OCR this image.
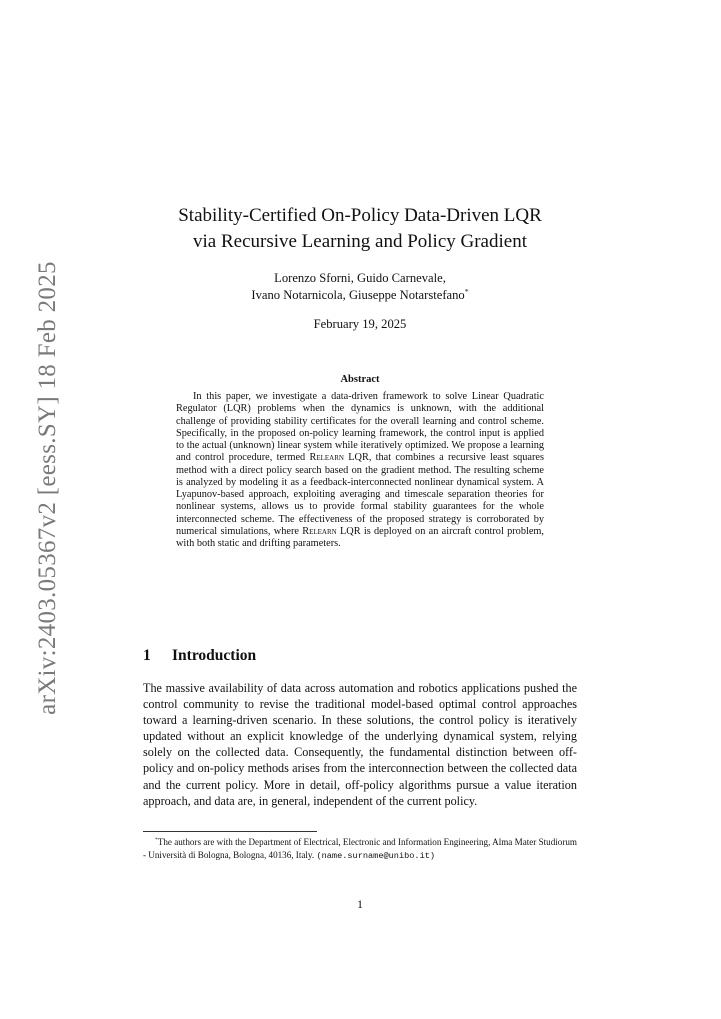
arXiv:2403.05367v2 [eess.SY] 18 Feb 2025
Stability-Certified On-Policy Data-Driven LQR
via Recursive Learning and Policy Gradient
Lorenzo Sforni, Guido Carnevale,
Ivano Notarnicola, Giuseppe Notarstefano*
February 19, 2025
Abstract

In this paper, we investigate a data-driven framework to solve Linear Quadratic Regulator (LQR) problems when the dynamics is unknown, with the additional challenge of providing stability certificates for the overall learning and control scheme. Specifically, in the proposed on-policy learning framework, the control input is applied to the actual (unknown) linear system while iteratively optimized. We propose a learning and control procedure, termed Relearn LQR, that combines a recursive least squares method with a direct policy search based on the gradient method. The resulting scheme is analyzed by modeling it as a feedback-interconnected nonlinear dynamical system. A Lyapunov-based approach, exploiting averaging and timescale separation theories for nonlinear systems, allows us to provide formal stability guarantees for the whole interconnected scheme. The effectiveness of the proposed strategy is corroborated by numerical simulations, where Relearn LQR is deployed on an aircraft control problem, with both static and drifting parameters.

1 Introduction

The massive availability of data across automation and robotics applications pushed the control community to revise the traditional model-based optimal control approaches toward a learning-driven scenario. In these solutions, the control policy is iteratively updated without an explicit knowledge of the underlying dynamical system, relying solely on the collected data. Consequently, the fundamental distinction between off-policy and on-policy methods arises from the interconnection between the collected data and the current policy. More in detail, off-policy algorithms pursue a value iteration approach, and data are, in general, independent of the current policy.

*The authors are with the Department of Electrical, Electronic and Information Engineering, Alma Mater Studiorum - Università di Bologna, Bologna, 40136, Italy. (name.surname@unibo.it)

1
